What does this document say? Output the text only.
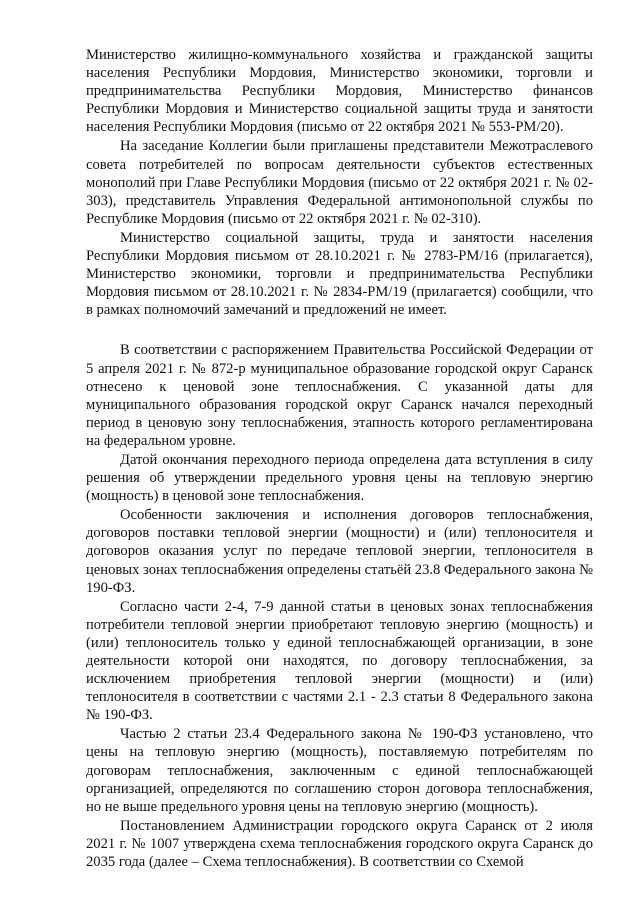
Министерство жилищно-коммунального хозяйства и гражданской защиты населения Республики Мордовия, Министерство экономики, торговли и предпринимательства Республики Мордовия, Министерство финансов Республики Мордовия и Министерство социальной защиты труда и занятости населения Республики Мордовия (письмо от 22 октября 2021 № 553-РМ/20).

На заседание Коллегии были приглашены представители Межотраслевого совета потребителей по вопросам деятельности субъектов естественных монополий при Главе Республики Мордовия (письмо от 22 октября 2021 г. № 02-303), представитель Управления Федеральной антимонопольной службы по Республике Мордовия (письмо от 22 октября 2021 г. № 02-310).

Министерство социальной защиты, труда и занятости населения Республики Мордовия письмом от 28.10.2021 г. № 2783-РМ/16 (прилагается), Министерство экономики, торговли и предпринимательства Республики Мордовия письмом от 28.10.2021 г. № 2834-РМ/19 (прилагается) сообщили, что в рамках полномочий замечаний и предложений не имеет.

В соответствии с распоряжением Правительства Российской Федерации от 5 апреля 2021 г. № 872-р муниципальное образование городской округ Саранск отнесено к ценовой зоне теплоснабжения. С указанной даты для муниципального образования городской округ Саранск начался переходный период в ценовую зону теплоснабжения, этапность которого регламентирована на федеральном уровне.

Датой окончания переходного периода определена дата вступления в силу решения об утверждении предельного уровня цены на тепловую энергию (мощность) в ценовой зоне теплоснабжения.

Особенности заключения и исполнения договоров теплоснабжения, договоров поставки тепловой энергии (мощности) и (или) теплоносителя и договоров оказания услуг по передаче тепловой энергии, теплоносителя в ценовых зонах теплоснабжения определены статьёй 23.8 Федерального закона № 190-ФЗ.

Согласно части 2-4, 7-9 данной статьи в ценовых зонах теплоснабжения потребители тепловой энергии приобретают тепловую энергию (мощность) и (или) теплоноситель только у единой теплоснабжающей организации, в зоне деятельности которой они находятся, по договору теплоснабжения, за исключением приобретения тепловой энергии (мощности) и (или) теплоносителя в соответствии с частями 2.1 - 2.3 статьи 8 Федерального закона № 190-ФЗ.

Частью 2 статьи 23.4 Федерального закона № 190-ФЗ установлено, что цены на тепловую энергию (мощность), поставляемую потребителям по договорам теплоснабжения, заключенным с единой теплоснабжающей организацией, определяются по соглашению сторон договора теплоснабжения, но не выше предельного уровня цены на тепловую энергию (мощность).

Постановлением Администрации городского округа Саранск от 2 июля 2021 г. № 1007 утверждена схема теплоснабжения городского округа Саранск до 2035 года (далее – Схема теплоснабжения). В соответствии со Схемой
